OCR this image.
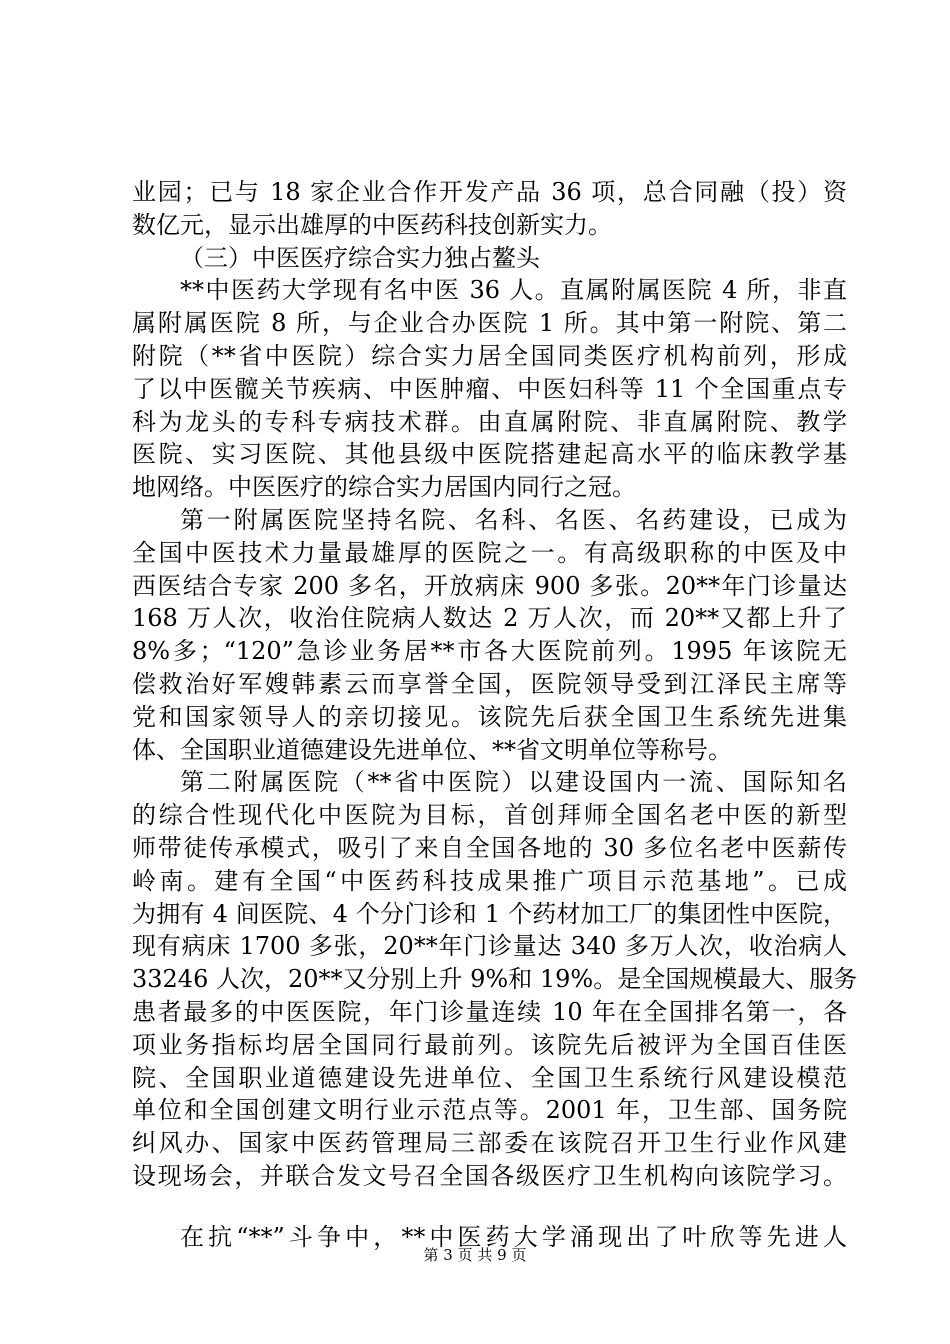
业园；已与 18 家企业合作开发产品 36 项，总合同融（投）资
数亿元，显示出雄厚的中医药科技创新实力。
（三）中医医疗综合实力独占鳌头
**中医药大学现有名中医 36 人。直属附属医院 4 所，非直
属附属医院 8 所，与企业合办医院 1 所。其中第一附院、第二
附院（**省中医院）综合实力居全国同类医疗机构前列，形成
了以中医髋关节疾病、中医肿瘤、中医妇科等 11 个全国重点专
科为龙头的专科专病技术群。由直属附院、非直属附院、教学
医院、实习医院、其他县级中医院搭建起高水平的临床教学基
地网络。中医医疗的综合实力居国内同行之冠。
第一附属医院坚持名院、名科、名医、名药建设，已成为
全国中医技术力量最雄厚的医院之一。有高级职称的中医及中
西医结合专家 200 多名，开放病床 900 多张。20**年门诊量达
168 万人次，收治住院病人数达 2 万人次，而 20**又都上升了
8%多；“120”急诊业务居**市各大医院前列。1995 年该院无
偿救治好军嫂韩素云而享誉全国，医院领导受到江泽民主席等
党和国家领导人的亲切接见。该院先后获全国卫生系统先进集
体、全国职业道德建设先进单位、**省文明单位等称号。
第二附属医院（**省中医院）以建设国内一流、国际知名
的综合性现代化中医院为目标，首创拜师全国名老中医的新型
师带徒传承模式，吸引了来自全国各地的 30 多位名老中医薪传
岭南。建有全国“中医药科技成果推广项目示范基地”。已成
为拥有 4 间医院、4 个分门诊和 1 个药材加工厂的集团性中医院，
现有病床 1700 多张，20**年门诊量达 340 多万人次，收治病人
33246 人次，20**又分别上升 9%和 19%。是全国规模最大、服务
患者最多的中医医院，年门诊量连续 10 年在全国排名第一，各
项业务指标均居全国同行最前列。该院先后被评为全国百佳医
院、全国职业道德建设先进单位、全国卫生系统行风建设模范
单位和全国创建文明行业示范点等。2001 年，卫生部、国务院
纠风办、国家中医药管理局三部委在该院召开卫生行业作风建
设现场会，并联合发文号召全国各级医疗卫生机构向该院学习。
在抗“**”斗争中，**中医药大学涌现出了叶欣等先进人
第 3 页 共 9 页
